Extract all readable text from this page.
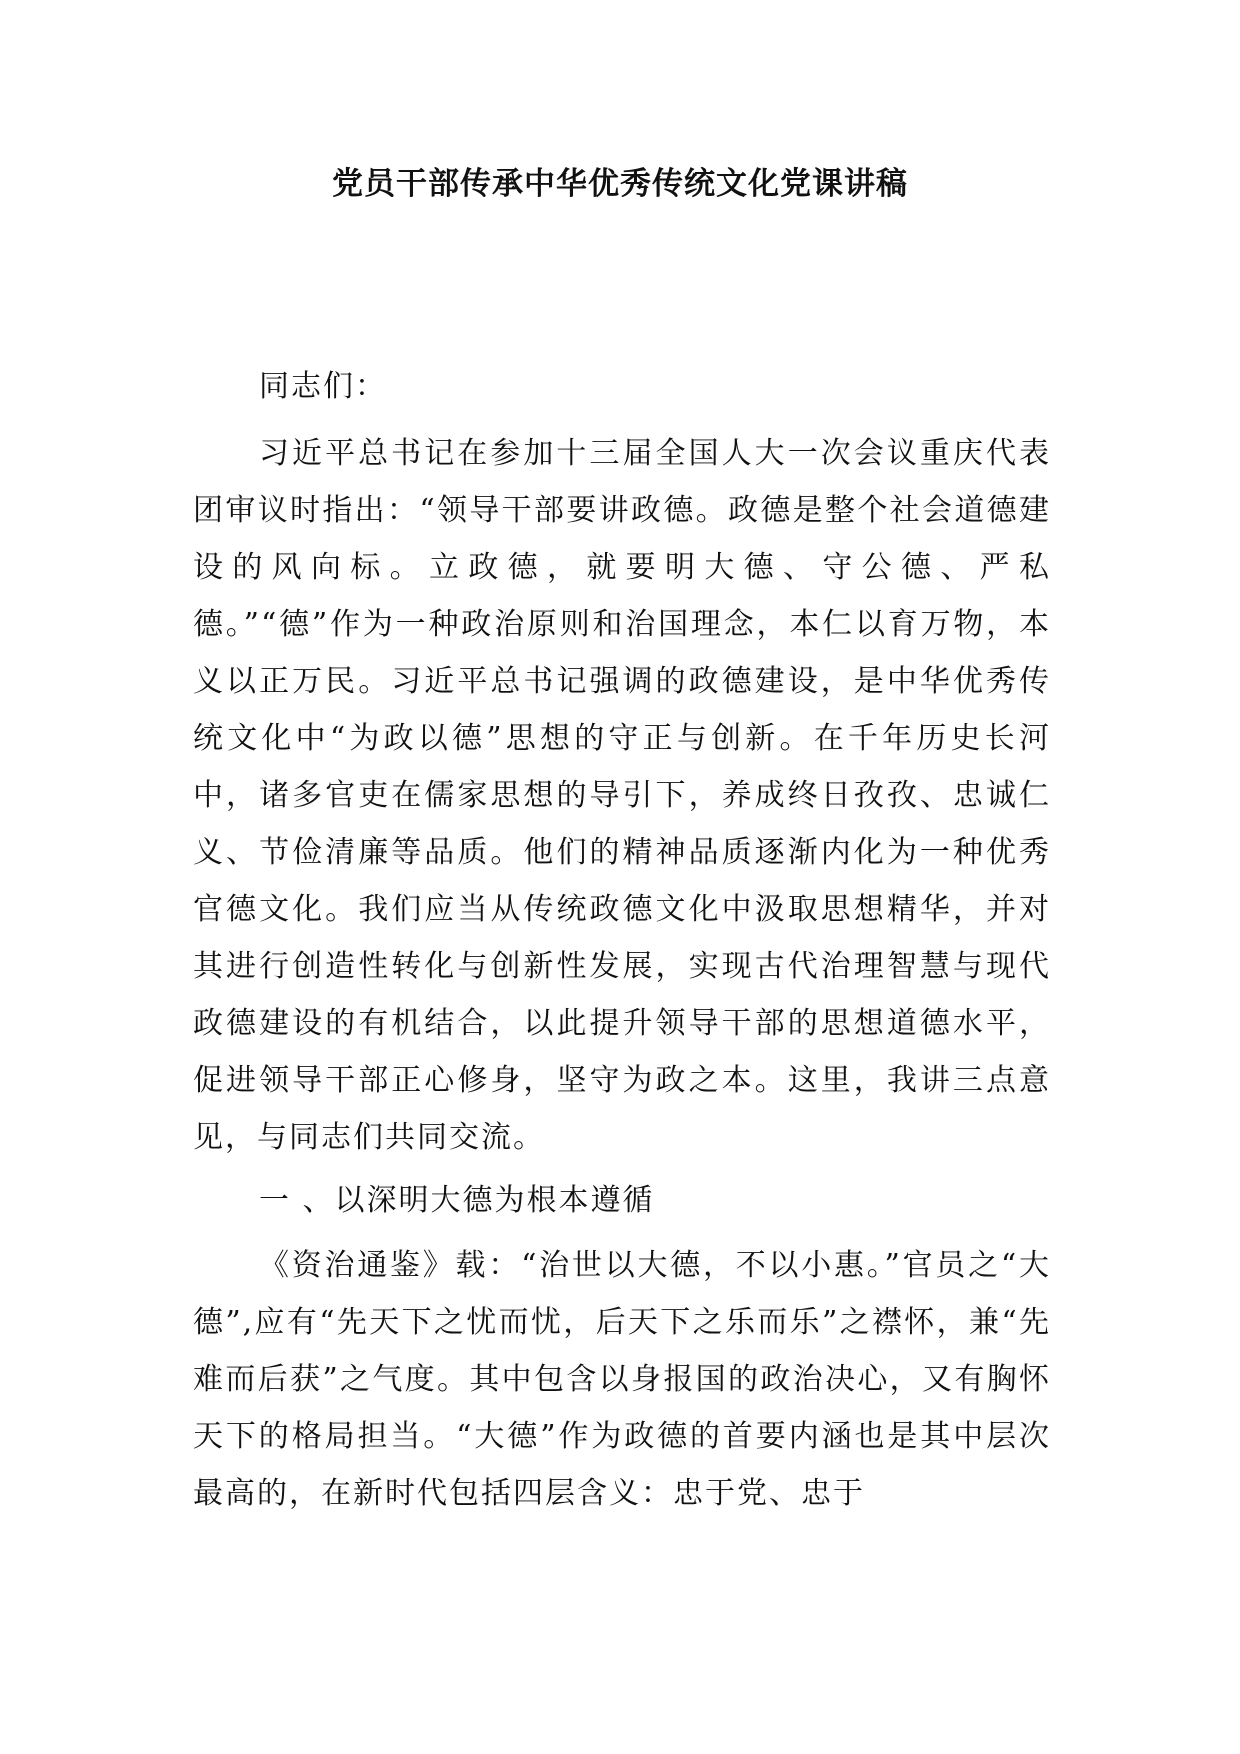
党员干部传承中华优秀传统文化党课讲稿

同志们：

习近平总书记在参加十三届全国人大一次会议重庆代表团审议时指出：“领导干部要讲政德。政德是整个社会道德建设的风向标。立政德，就要明大德、守公德、严私德。”“德”作为一种政治原则和治国理念，本仁以育万物，本义以正万民。习近平总书记强调的政德建设，是中华优秀传统文化中“为政以德”思想的守正与创新。在千年历史长河中，诸多官吏在儒家思想的导引下，养成终日孜孜、忠诚仁义、节俭清廉等品质。他们的精神品质逐渐内化为一种优秀官德文化。我们应当从传统政德文化中汲取思想精华，并对其进行创造性转化与创新性发展，实现古代治理智慧与现代政德建设的有机结合，以此提升领导干部的思想道德水平，促进领导干部正心修身，坚守为政之本。这里，我讲三点意见，与同志们共同交流。

一 、以深明大德为根本遵循

《资治通鉴》载：“治世以大德，不以小惠。”官员之“大德”,应有“先天下之忧而忧，后天下之乐而乐”之襟怀，兼“先难而后获”之气度。其中包含以身报国的政治决心，又有胸怀天下的格局担当。“大德”作为政德的首要内涵也是其中层次最高的，在新时代包括四层含义：忠于党、忠于
